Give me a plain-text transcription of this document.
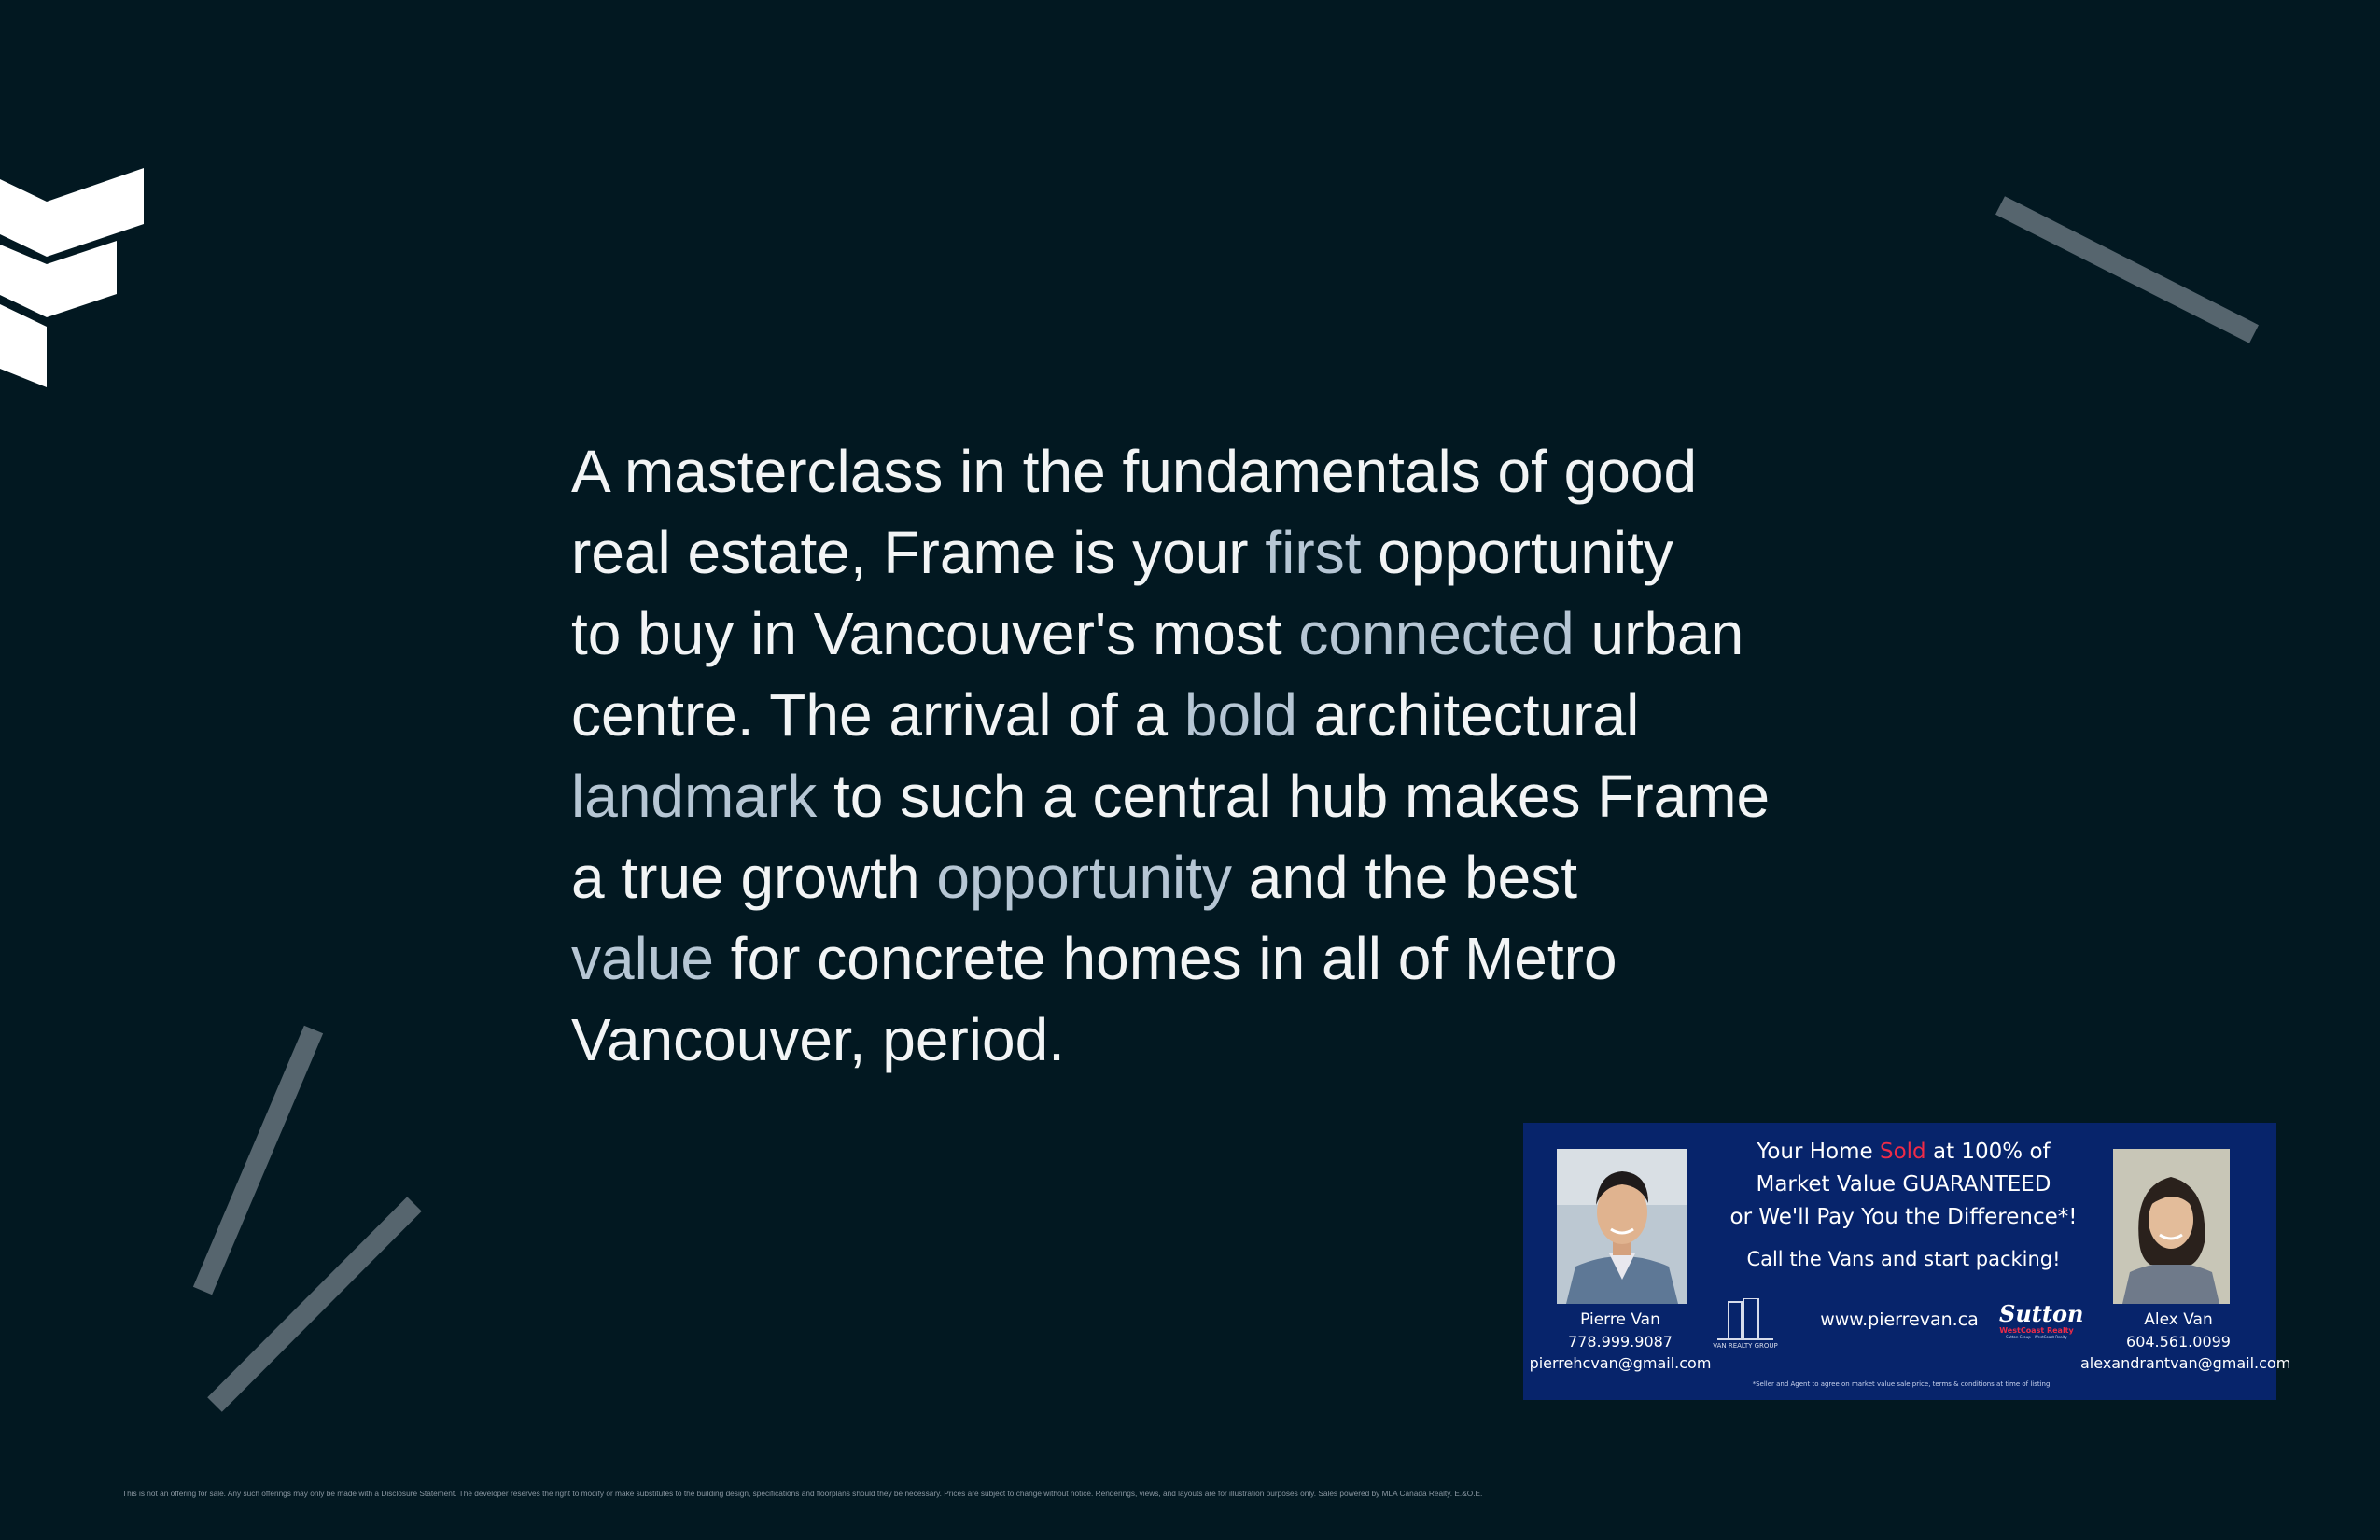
A masterclass in the fundamentals of good
real estate, Frame is your first opportunity
to buy in Vancouver's most connected urban
centre. The arrival of a bold architectural
landmark to such a central hub makes Frame
a true growth opportunity and the best
value for concrete homes in all of Metro
Vancouver, period.

Your Home Sold at 100% of
Market Value GUARANTEED
or We'll Pay You the Difference*!
Call the Vans and start packing!
Pierre Van
778.999.9087
pierrehcvan@gmail.com
VAN REALTY GROUP
www.pierrevan.ca Sutton
WestCoast Realty
Sutton Group - WestCoast Realty
Alex Van
604.561.0099
alexandrantvan@gmail.com
*Seller and Agent to agree on market value sale price, terms & conditions at time of listing
This is not an offering for sale. Any such offerings may only be made with a Disclosure Statement. The developer reserves the right to modify or make substitutes to the building design, specifications and floorplans should they be necessary. Prices are subject to change without notice. Renderings, views, and layouts are for illustration purposes only. Sales powered by MLA Canada Realty. E.&O.E.
